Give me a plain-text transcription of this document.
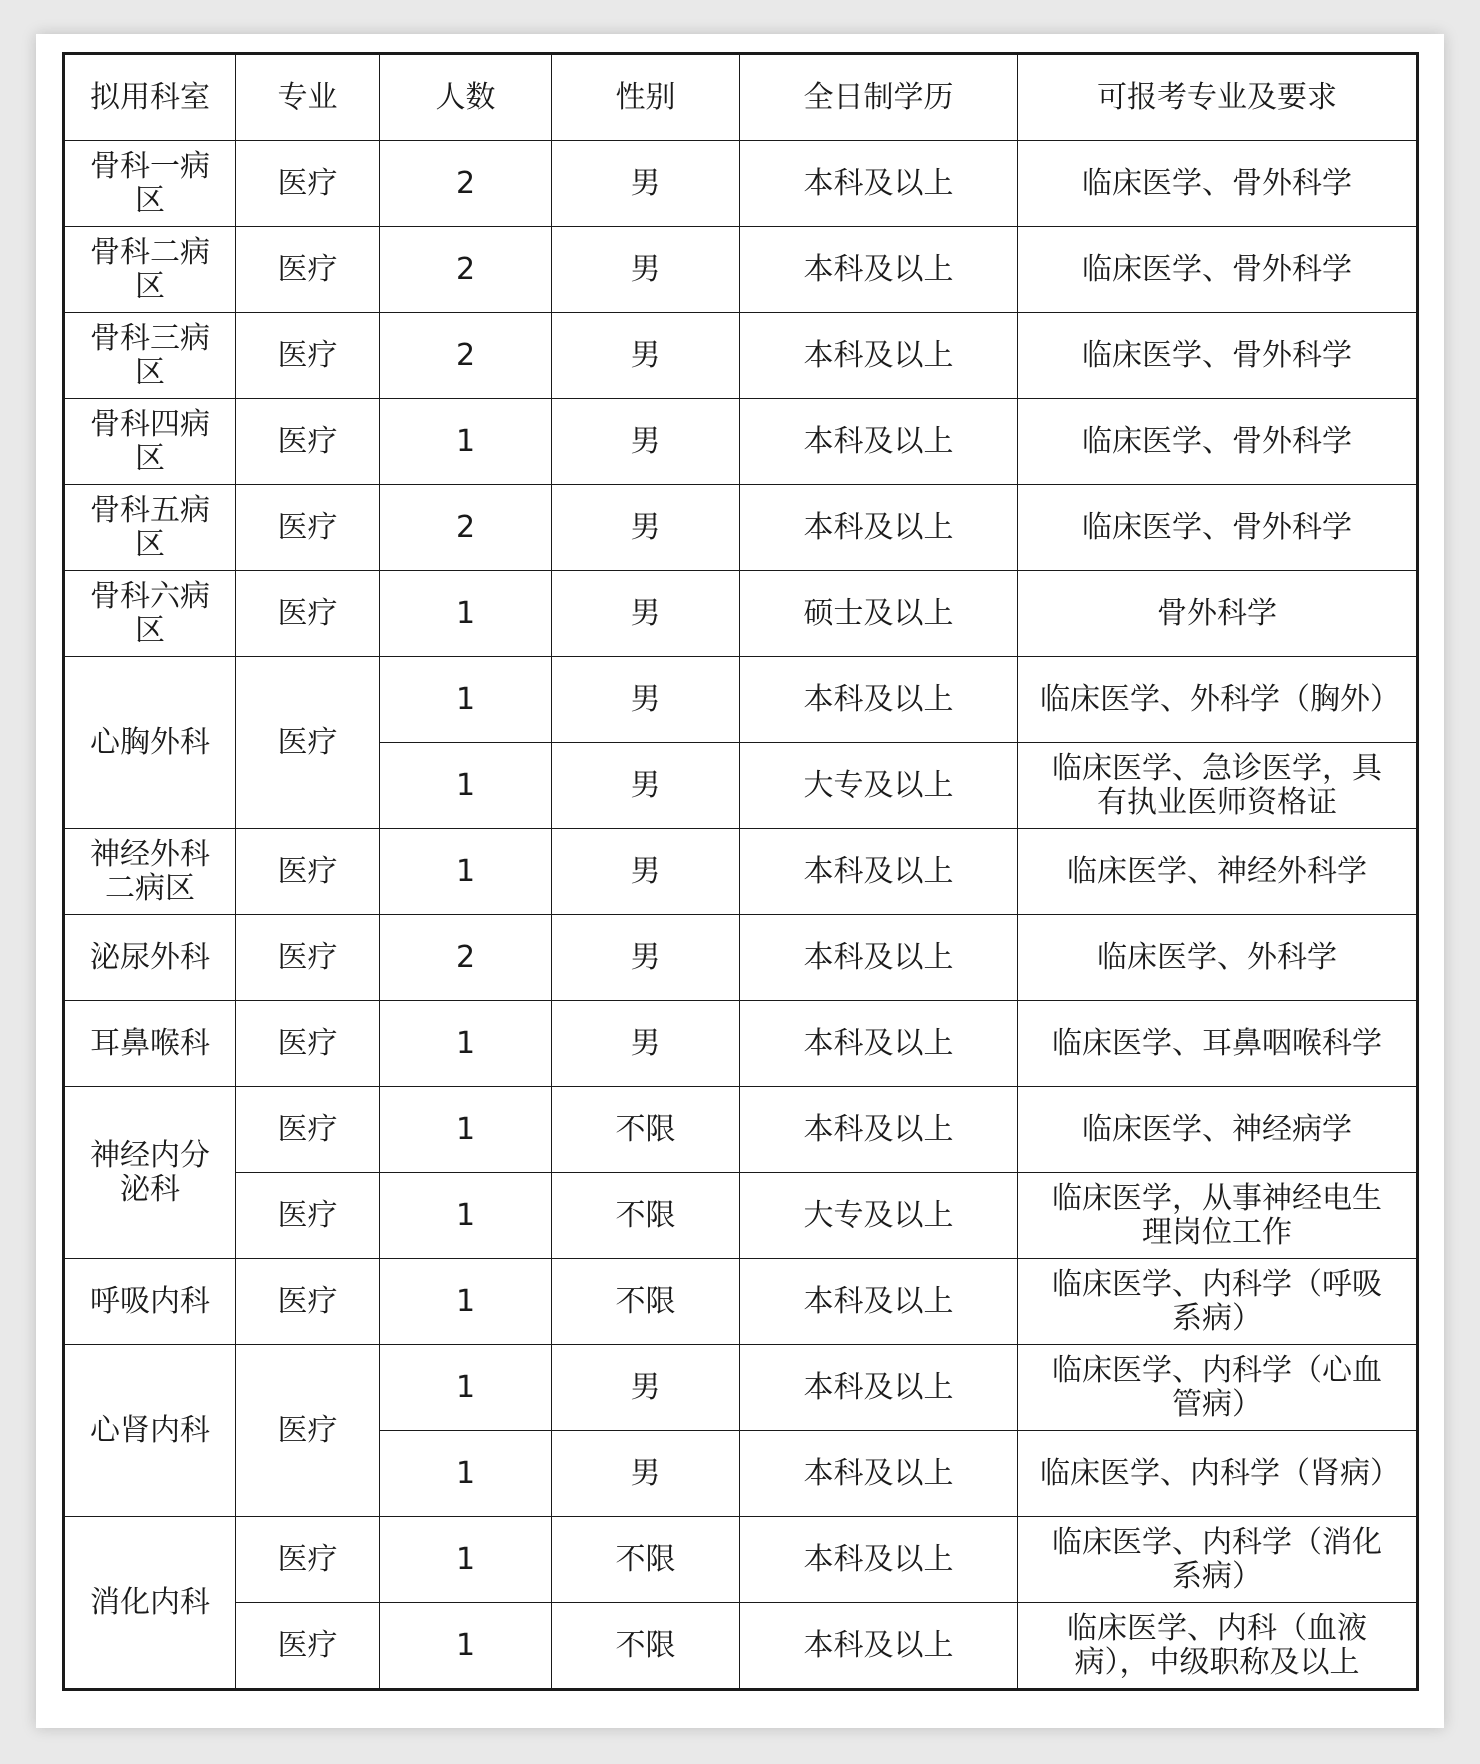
拟用科室	专业	人数	性别	全日制学历	可报考专业及要求
骨科一病区	医疗	2	男	本科及以上	临床医学、骨外科学
骨科二病区	医疗	2	男	本科及以上	临床医学、骨外科学
骨科三病区	医疗	2	男	本科及以上	临床医学、骨外科学
骨科四病区	医疗	1	男	本科及以上	临床医学、骨外科学
骨科五病区	医疗	2	男	本科及以上	临床医学、骨外科学
骨科六病区	医疗	1	男	硕士及以上	骨外科学
心胸外科	医疗	1	男	本科及以上	临床医学、外科学（胸外）
		1	男	大专及以上	临床医学、急诊医学，具有执业医师资格证
神经外科二病区	医疗	1	男	本科及以上	临床医学、神经外科学
泌尿外科	医疗	2	男	本科及以上	临床医学、外科学
耳鼻喉科	医疗	1	男	本科及以上	临床医学、耳鼻咽喉科学
神经内分泌科	医疗	1	不限	本科及以上	临床医学、神经病学
	医疗	1	不限	大专及以上	临床医学，从事神经电生理岗位工作
呼吸内科	医疗	1	不限	本科及以上	临床医学、内科学（呼吸系病）
心肾内科	医疗	1	男	本科及以上	临床医学、内科学（心血管病）
		1	男	本科及以上	临床医学、内科学（肾病）
消化内科	医疗	1	不限	本科及以上	临床医学、内科学（消化系病）
	医疗	1	不限	本科及以上	临床医学、内科（血液病），中级职称及以上
